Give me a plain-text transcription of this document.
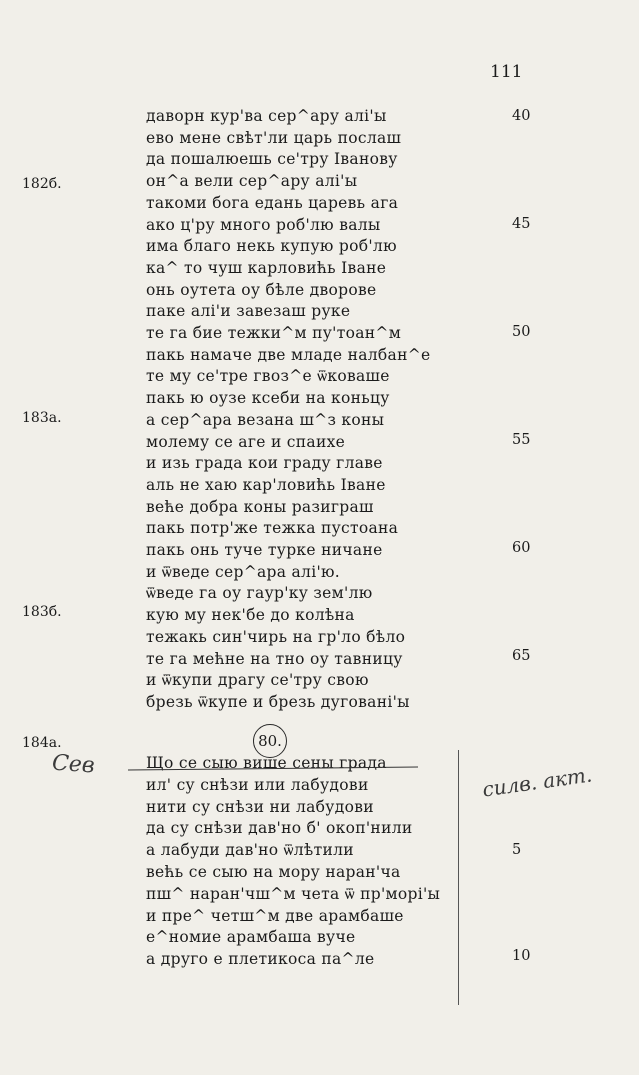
111
даворн кур'ва сер^ару алі'ы
ево мене свѣт'ли царь послаш
да пошалюешь се'тру Іванову
он^а вели сер^ару алі'ы
такоми бога едань царевь ага
ако ц'ру много роб'лю валы
има благо некь купую роб'лю
ка^ то чуш карловићь Іване
онь оутета оу бѣле дворове
паке алі'и завезаш руке
те га бие тежки^м пу'тоан^м
пакь намаче две младе налбан^е
те му се'тре гвоз^е ѿковаше
пакь ю оузе ксеби на коньцу
а сер^ара везана ш^з коны
молему се аге и спаихе
и изь града кои граду главе
аль не хаю кар'ловићь Іване
веће добра коны разиграш
пакь потр'же тежка пустоана
пакь онь туче турке ничане
и ѿведе сер^ара алі'ю.
ѿведе га оу гаур'ку зем'лю
кую му нек'бе до колѣна
тежакь син'чирь на гр'ло бѣло
те га мећне на тно оу тавницу
и ѿкупи драгу се'тру свою
брезь ѿкупе и брезь дуговані'ы
Що се сыю више сены града
ил' су снѣзи или лабудови
нити су снѣзи ни лабудови
да су снѣзи дав'но б' окоп'нили
а лабуди дав'но ѿлѣтили
већь се сыю на мору наран'ча
пш^ наран'чш^м чета ѿ пр'морі'ы
и пре^ четш^м две арамбаше
е^номие арамбаша вуче
а друго е плетикоса па^ле
182б.
183а.
183б.
184а.
40
45
50
55
60
65
5
10
80.
Сев	силв. акт.
